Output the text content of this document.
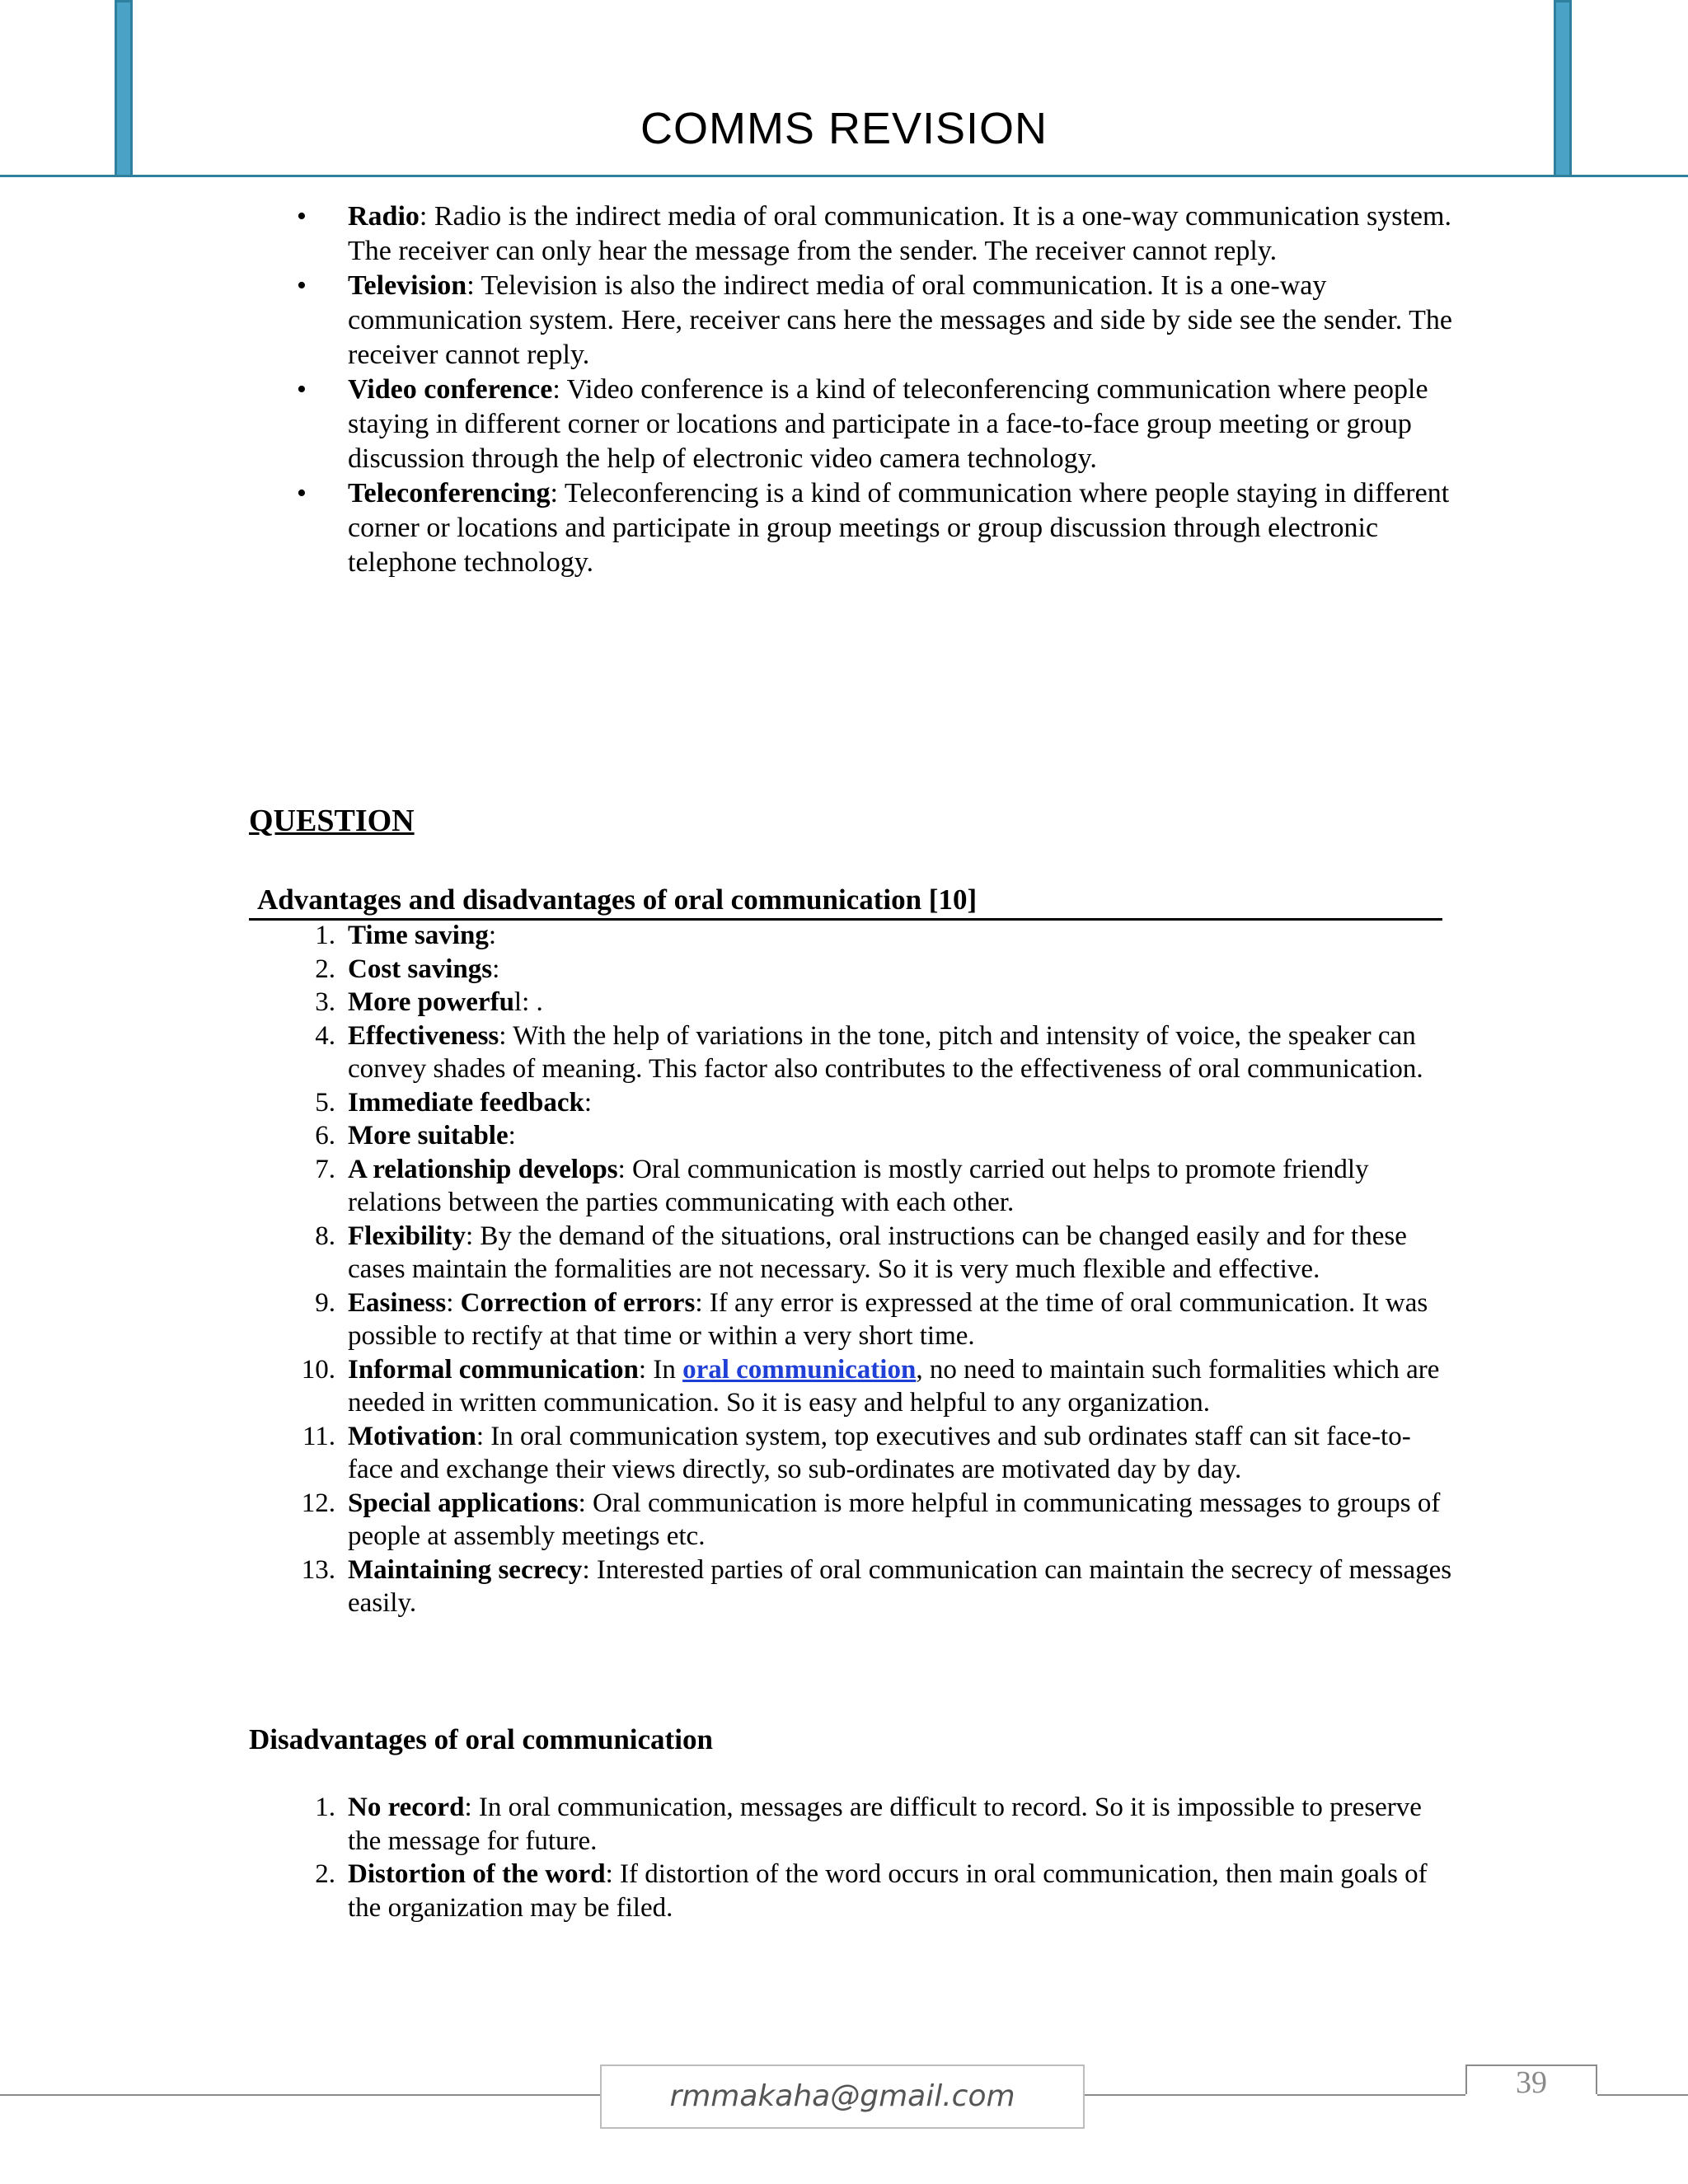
COMMS REVISION
• Radio: Radio is the indirect media of oral communication. It is a one-way communication system. The receiver can only hear the message from the sender. The receiver cannot reply.
• Television: Television is also the indirect media of oral communication. It is a one-way communication system. Here, receiver cans here the messages and side by side see the sender. The receiver cannot reply.
• Video conference: Video conference is a kind of teleconferencing communication where people staying in different corner or locations and participate in a face-to-face group meeting or group discussion through the help of electronic video camera technology.
• Teleconferencing: Teleconferencing is a kind of communication where people staying in different corner or locations and participate in group meetings or group discussion through electronic telephone technology.
QUESTION
Advantages and disadvantages of oral communication [10]
1. Time saving:
2. Cost savings:
3. More powerful: .
4. Effectiveness: With the help of variations in the tone, pitch and intensity of voice, the speaker can convey shades of meaning. This factor also contributes to the effectiveness of oral communication.
5. Immediate feedback:
6. More suitable:
7. A relationship develops: Oral communication is mostly carried out helps to promote friendly relations between the parties communicating with each other.
8. Flexibility: By the demand of the situations, oral instructions can be changed easily and for these cases maintain the formalities are not necessary. So it is very much flexible and effective.
9. Easiness: Correction of errors: If any error is expressed at the time of oral communication. It was possible to rectify at that time or within a very short time.
10. Informal communication: In oral communication, no need to maintain such formalities which are needed in written communication. So it is easy and helpful to any organization.
11. Motivation: In oral communication system, top executives and sub ordinates staff can sit face-to-face and exchange their views directly, so sub-ordinates are motivated day by day.
12. Special applications: Oral communication is more helpful in communicating messages to groups of people at assembly meetings etc.
13. Maintaining secrecy: Interested parties of oral communication can maintain the secrecy of messages easily.
Disadvantages of oral communication
1. No record: In oral communication, messages are difficult to record. So it is impossible to preserve the message for future.
2. Distortion of the word: If distortion of the word occurs in oral communication, then main goals of the organization may be filed.
rmmakaha@gmail.com	39
